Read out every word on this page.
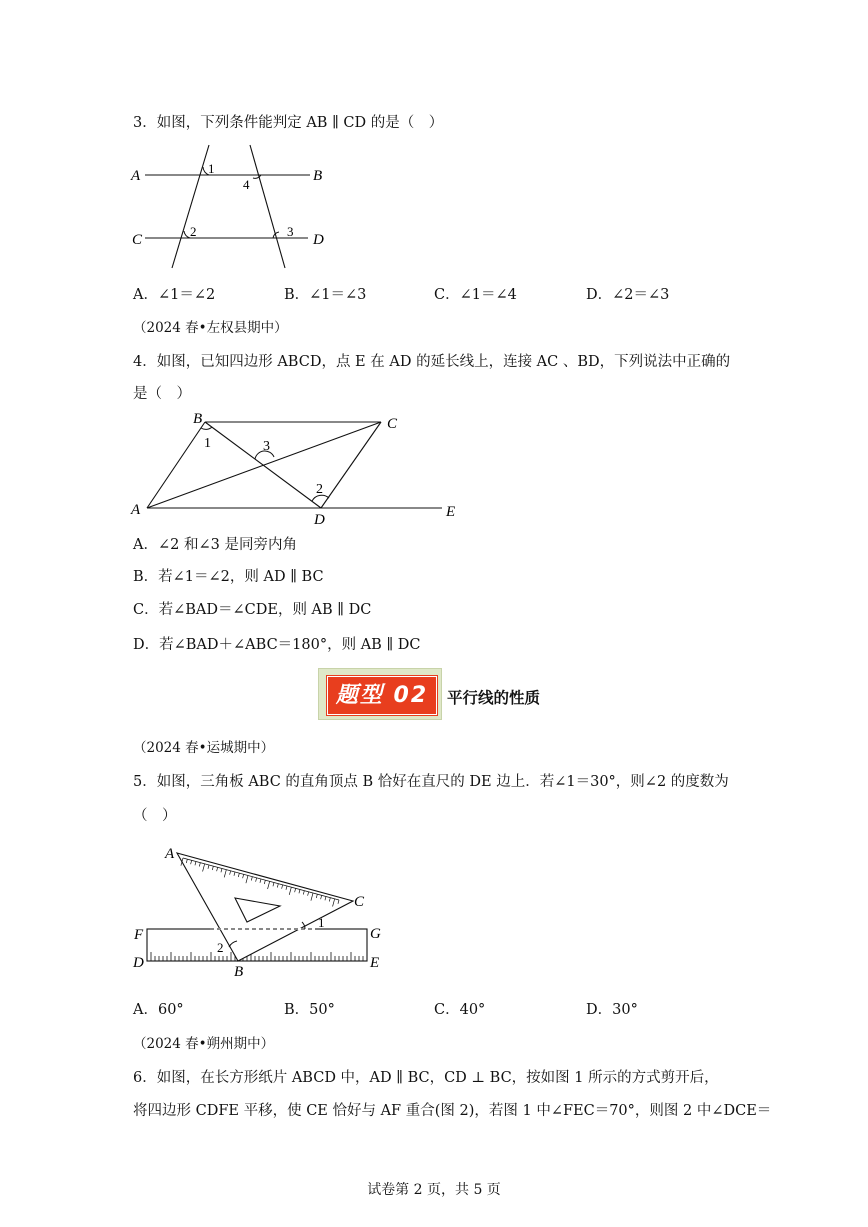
3．如图，下列条件能判定 AB ∥ CD 的是（　）
A	B
C	D
1
4
2	3
A．∠1＝∠2	B．∠1＝∠3	C．∠1＝∠4	D．∠2＝∠3
（2024 春•左权县期中）
4．如图，已知四边形 ABCD，点 E 在 AD 的延长线上，连接 AC 、BD，下列说法中正确的
是（　）
B	C
A
D	E
1	3
2
A．∠2 和∠3 是同旁内角
B．若∠1＝∠2，则 AD ∥ BC
C．若∠BAD＝∠CDE，则 AB ∥ DC
D．若∠BAD＋∠ABC＝180°，则 AB ∥ DC
题型 02	平行线的性质
（2024 春•运城期中）
5．如图，三角板 ABC 的直角顶点 B 恰好在直尺的 DE 边上．若∠1＝30°，则∠2 的度数为
（　）
A
C
F	G
D	E
B
1
2
A．60°	B．50°	C．40°	D．30°
（2024 春•朔州期中）
6．如图，在长方形纸片 ABCD 中，AD ∥ BC，CD ⊥ BC，按如图 1 所示的方式剪开后，
将四边形 CDFE 平移，使 CE 恰好与 AF 重合(图 2)，若图 1 中∠FEC＝70°，则图 2 中∠DCE＝
试卷第 2 页，共 5 页
